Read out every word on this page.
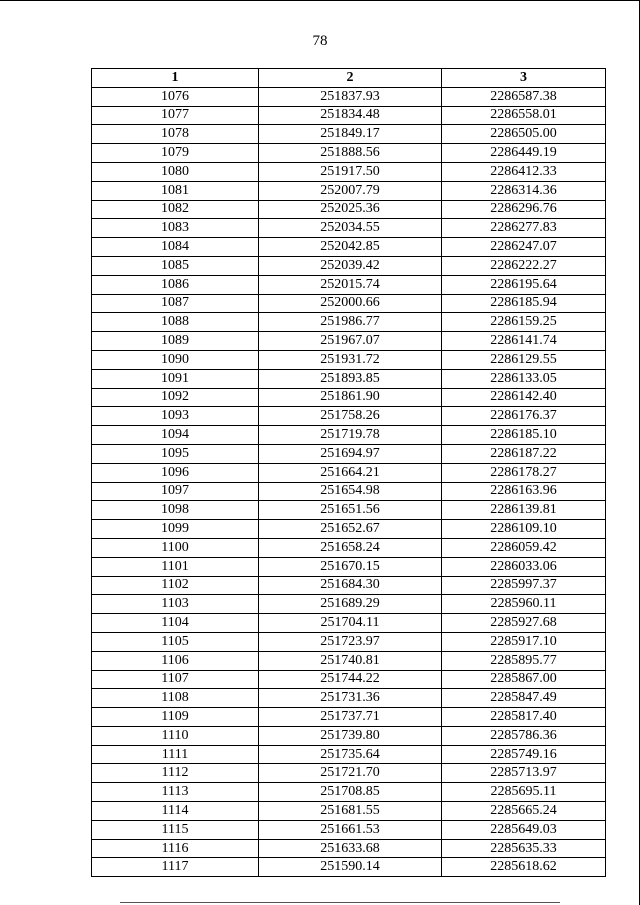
78
1	2	3
1076	251837.93	2286587.38
1077	251834.48	2286558.01
1078	251849.17	2286505.00
1079	251888.56	2286449.19
1080	251917.50	2286412.33
1081	252007.79	2286314.36
1082	252025.36	2286296.76
1083	252034.55	2286277.83
1084	252042.85	2286247.07
1085	252039.42	2286222.27
1086	252015.74	2286195.64
1087	252000.66	2286185.94
1088	251986.77	2286159.25
1089	251967.07	2286141.74
1090	251931.72	2286129.55
1091	251893.85	2286133.05
1092	251861.90	2286142.40
1093	251758.26	2286176.37
1094	251719.78	2286185.10
1095	251694.97	2286187.22
1096	251664.21	2286178.27
1097	251654.98	2286163.96
1098	251651.56	2286139.81
1099	251652.67	2286109.10
1100	251658.24	2286059.42
1101	251670.15	2286033.06
1102	251684.30	2285997.37
1103	251689.29	2285960.11
1104	251704.11	2285927.68
1105	251723.97	2285917.10
1106	251740.81	2285895.77
1107	251744.22	2285867.00
1108	251731.36	2285847.49
1109	251737.71	2285817.40
1110	251739.80	2285786.36
1111	251735.64	2285749.16
1112	251721.70	2285713.97
1113	251708.85	2285695.11
1114	251681.55	2285665.24
1115	251661.53	2285649.03
1116	251633.68	2285635.33
1117	251590.14	2285618.62
